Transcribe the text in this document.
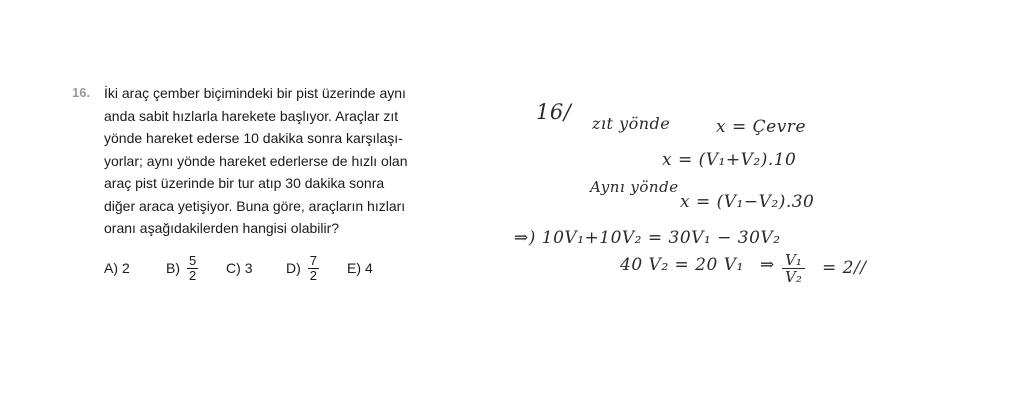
16. İki araç çember biçimindeki bir pist üzerinde aynı
anda sabit hızlarla harekete başlıyor. Araçlar zıt
yönde hareket ederse 10 dakika sonra karşılaşı-
yorlar; aynı yönde hareket ederlerse de hızlı olan
araç pist üzerinde bir tur atıp 30 dakika sonra
diğer araca yetişiyor. Buna göre, araçların hızları
oranı aşağıdakilerden hangisi olabilir?
A) 2	$B) \frac{5}{2} C$) 3 $D) \frac{7}{2} E$) 4
16/ zıt yönde	x = Çevre
x = (V₁+V₂).10
Aynı yönde
x = (V₁−V₂).30
⇒) 10V₁+10V₂ = 30V₁ − 30V₂
40 V₂ = 20 V₁ ⇒ $\frac{\text{V₁}}{\text{V₂}} = 2//$
